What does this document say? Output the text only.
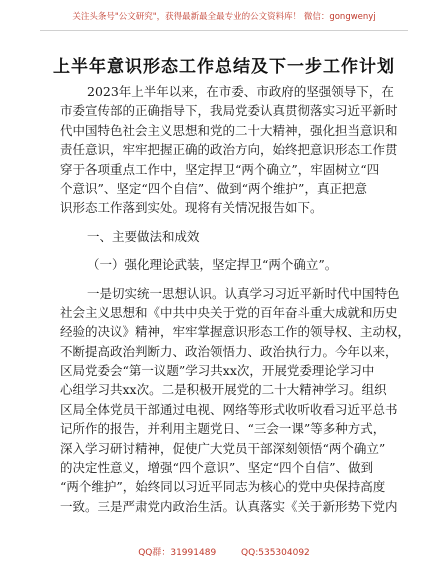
关注头条号"公文研究"，获得最新最全最专业的公文资料库！ 微信：gongwenyj
上半年意识形态工作总结及下一步工作计划
2023年上半年以来，在市委、市政府的坚强领导下，在
市委宣传部的正确指导下，我局党委认真贯彻落实习近平新时
代中国特色社会主义思想和党的二十大精神，强化担当意识和
责任意识，牢牢把握正确的政治方向，始终把意识形态工作贯
穿于各项重点工作中，坚定捍卫“两个确立”，牢固树立“四
个意识”、坚定“四个自信”、做到“两个维护”，真正把意
识形态工作落到实处。现将有关情况报告如下。
一、主要做法和成效
（一）强化理论武装，坚定捍卫“两个确立”。
一是切实统一思想认识。认真学习习近平新时代中国特色
社会主义思想和《中共中央关于党的百年奋斗重大成就和历史
经验的决议》精神，牢牢掌握意识形态工作的领导权、主动权，
不断提高政治判断力、政治领悟力、政治执行力。今年以来，
区局党委会“第一议题”学习共xx次，开展党委理论学习中
心组学习共xx次。二是积极开展党的二十大精神学习。组织
区局全体党员干部通过电视、网络等形式收听收看习近平总书
记所作的报告，并利用主题党日、“三会一课”等多种方式，
深入学习研讨精神，促使广大党员干部深刻领悟“两个确立”
的决定性意义，增强“四个意识”、坚定“四个自信”、做到
“两个维护”，始终同以习近平同志为核心的党中央保持高度
一致。三是严肃党内政治生活。认真落实《关于新形势下党内
QQ群：31991489	QQ:535304092
